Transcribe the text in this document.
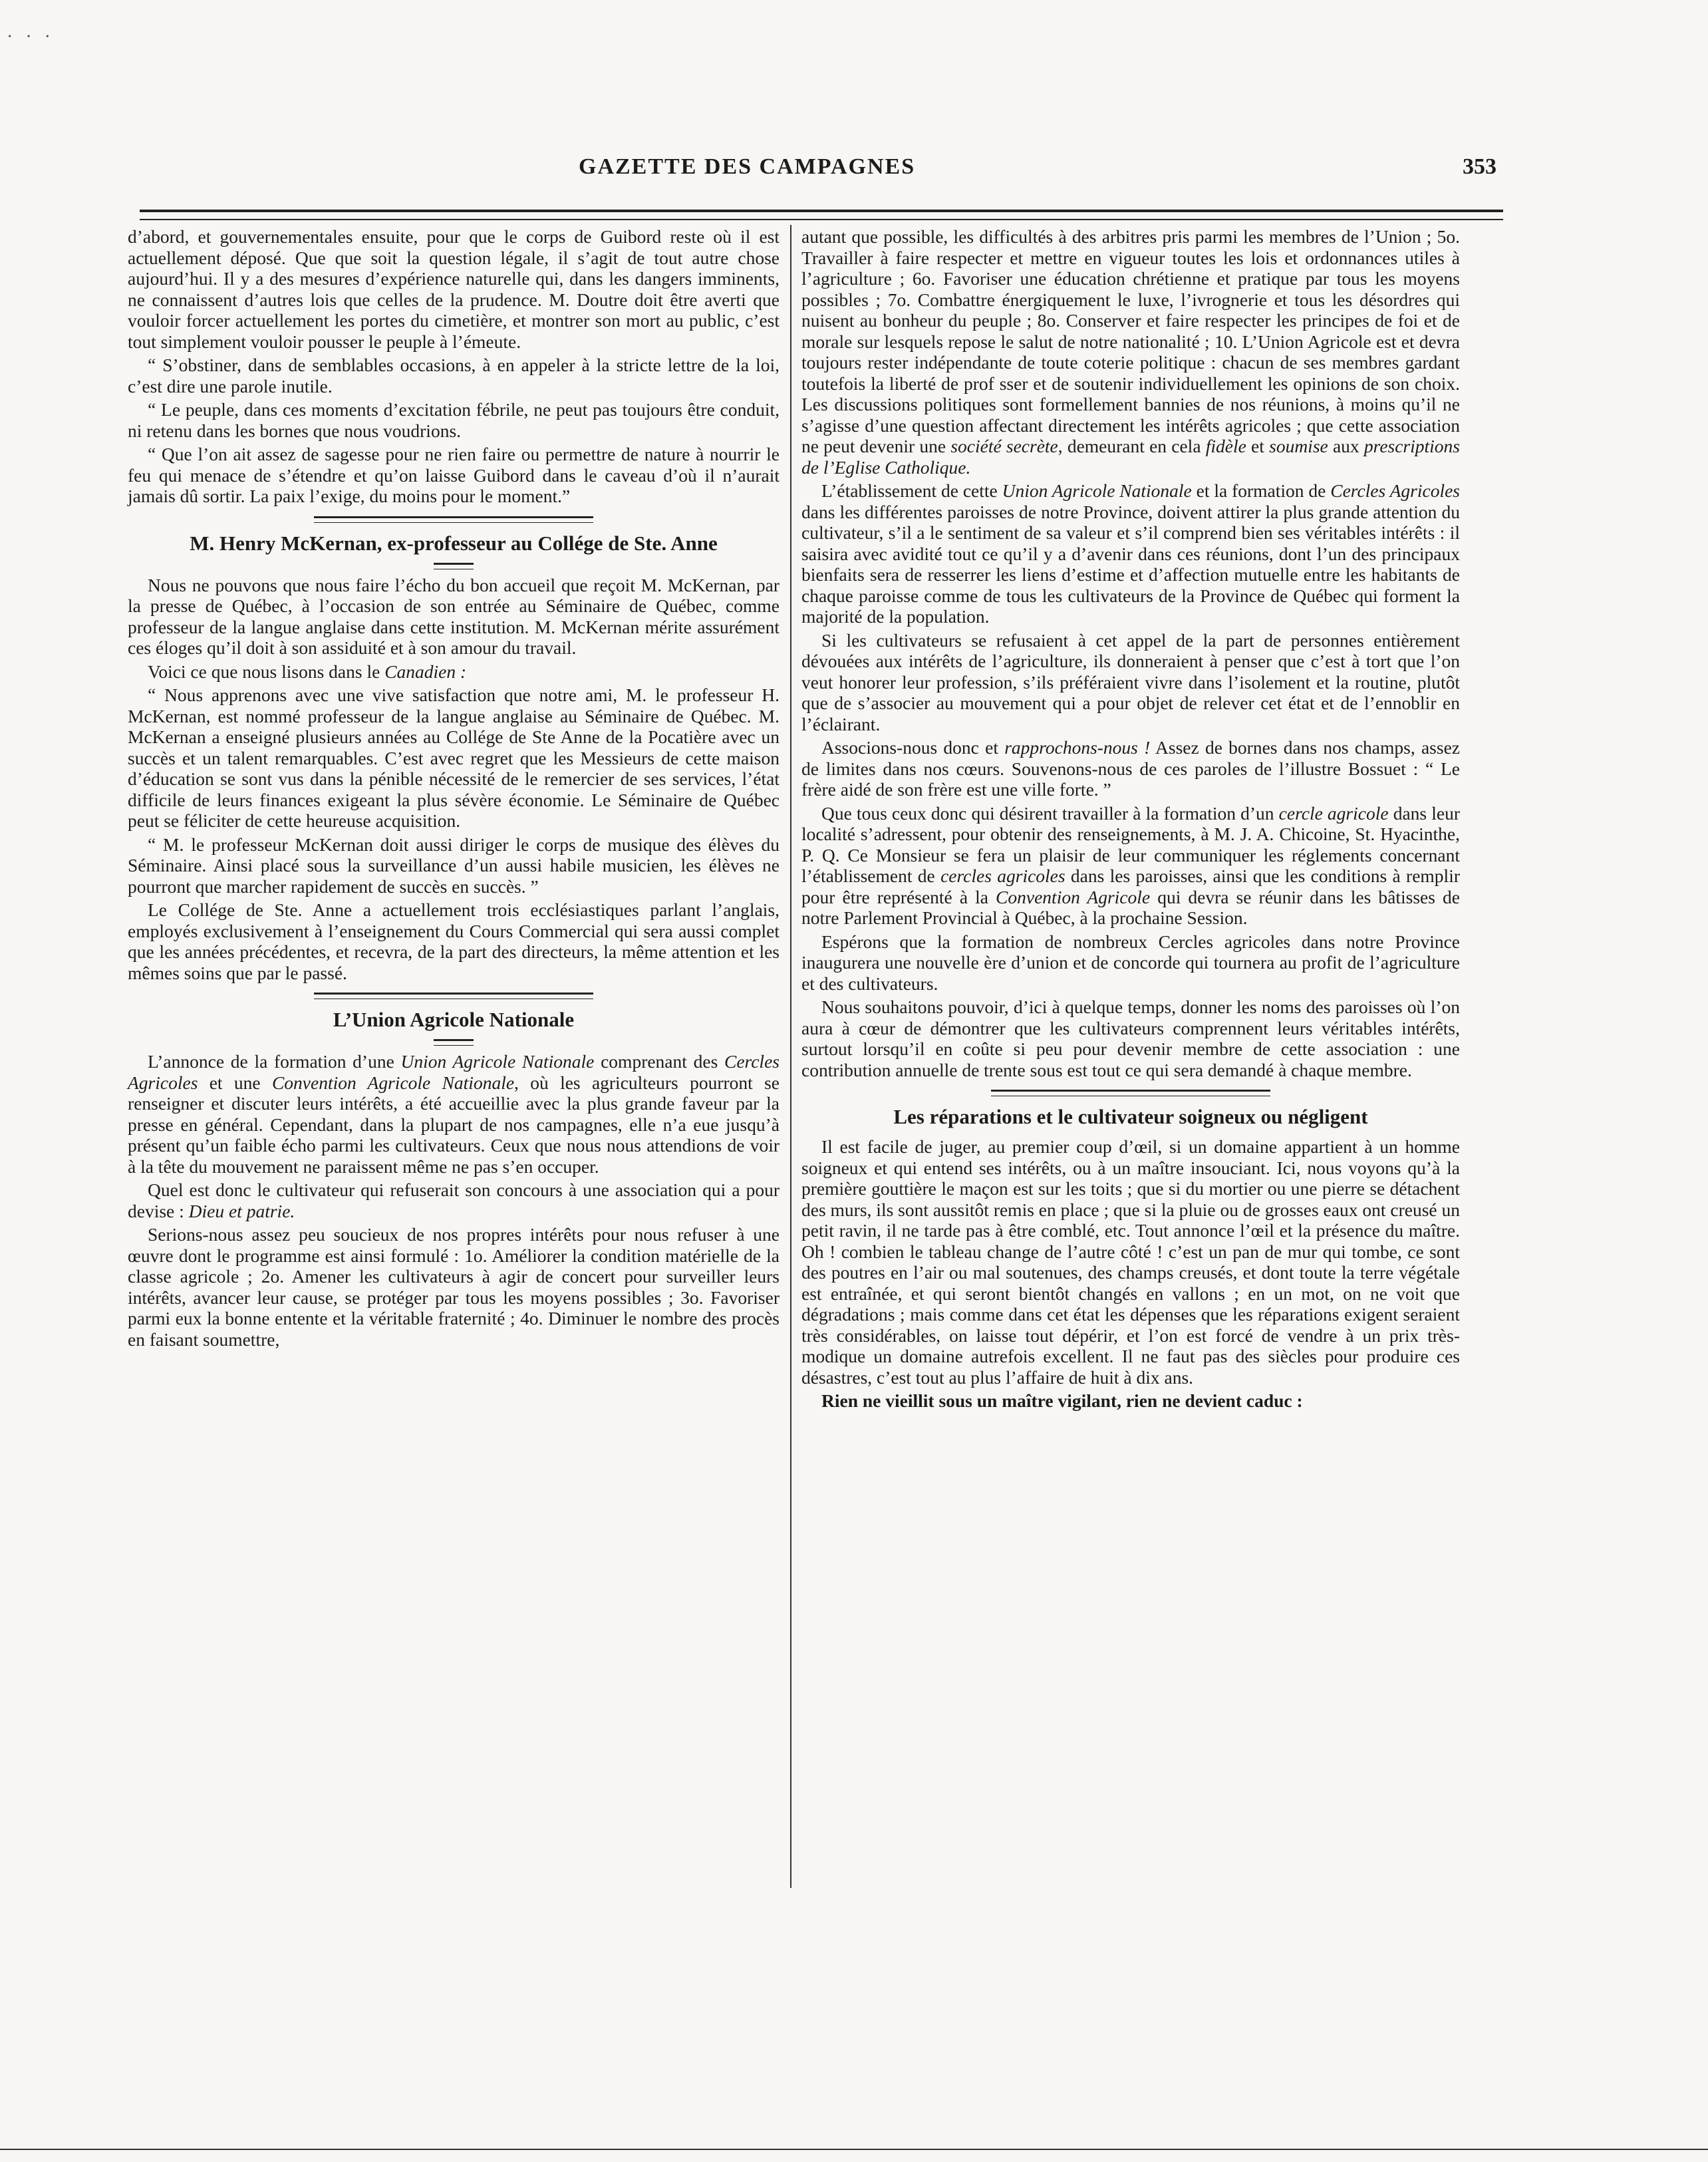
· · ·
GAZETTE DES CAMPAGNES	353

d’abord, et gouvernementales ensuite, pour que le corps de Guibord reste où il est actuellement déposé. Que que soit la question légale, il s’agit de tout autre chose aujourd’hui. Il y a des mesures d’expérience naturelle qui, dans les dangers imminents, ne connaissent d’autres lois que celles de la prudence. M. Doutre doit être averti que vouloir forcer actuellement les portes du cimetière, et montrer son mort au public, c’est tout simplement vouloir pousser le peuple à l’émeute.

“ S’obstiner, dans de semblables occasions, à en appeler à la stricte lettre de la loi, c’est dire une parole inutile.

“ Le peuple, dans ces moments d’excitation fébrile, ne peut pas toujours être conduit, ni retenu dans les bornes que nous voudrions.

“ Que l’on ait assez de sagesse pour ne rien faire ou permettre de nature à nourrir le feu qui menace de s’étendre et qu’on laisse Guibord dans le caveau d’où il n’aurait jamais dû sortir. La paix l’exige, du moins pour le moment.”

M. Henry McKernan, ex-professeur au Collége de Ste. Anne

Nous ne pouvons que nous faire l’écho du bon accueil que reçoit M. McKernan, par la presse de Québec, à l’occasion de son entrée au Séminaire de Québec, comme professeur de la langue anglaise dans cette institution. M. McKernan mérite assurément ces éloges qu’il doit à son assiduité et à son amour du travail.

Voici ce que nous lisons dans le Canadien :

“ Nous apprenons avec une vive satisfaction que notre ami, M. le professeur H. McKernan, est nommé professeur de la langue anglaise au Séminaire de Québec. M. McKernan a enseigné plusieurs années au Collége de Ste Anne de la Pocatière avec un succès et un talent remarquables. C’est avec regret que les Messieurs de cette maison d’éducation se sont vus dans la pénible nécessité de le remercier de ses services, l’état difficile de leurs finances exigeant la plus sévère économie. Le Séminaire de Québec peut se féliciter de cette heureuse acquisition.

“ M. le professeur McKernan doit aussi diriger le corps de musique des élèves du Séminaire. Ainsi placé sous la surveillance d’un aussi habile musicien, les élèves ne pourront que marcher rapidement de succès en succès. ”

Le Collége de Ste. Anne a actuellement trois ecclésiastiques parlant l’anglais, employés exclusivement à l’enseignement du Cours Commercial qui sera aussi complet que les années précédentes, et recevra, de la part des directeurs, la même attention et les mêmes soins que par le passé.

L’Union Agricole Nationale

L’annonce de la formation d’une Union Agricole Nationale comprenant des Cercles Agricoles et une Convention Agricole Nationale, où les agriculteurs pourront se renseigner et discuter leurs intérêts, a été accueillie avec la plus grande faveur par la presse en général. Cependant, dans la plupart de nos campagnes, elle n’a eue jusqu’à présent qu’un faible écho parmi les cultivateurs. Ceux que nous nous attendions de voir à la tête du mouvement ne paraissent même ne pas s’en occuper.

Quel est donc le cultivateur qui refuserait son concours à une association qui a pour devise : Dieu et patrie.

Serions-nous assez peu soucieux de nos propres intérêts pour nous refuser à une œuvre dont le programme est ainsi formulé : 1o. Améliorer la condition matérielle de la classe agricole ; 2o. Amener les cultivateurs à agir de concert pour surveiller leurs intérêts, avancer leur cause, se protéger par tous les moyens possibles ; 3o. Favoriser parmi eux la bonne entente et la véritable fraternité ; 4o. Diminuer le nombre des procès en faisant soumettre,

autant que possible, les difficultés à des arbitres pris parmi les membres de l’Union ; 5o. Travailler à faire respecter et mettre en vigueur toutes les lois et ordonnances utiles à l’agriculture ; 6o. Favoriser une éducation chrétienne et pratique par tous les moyens possibles ; 7o. Combattre énergiquement le luxe, l’ivrognerie et tous les désordres qui nuisent au bonheur du peuple ; 8o. Conserver et faire respecter les principes de foi et de morale sur lesquels repose le salut de notre nationalité ; 10. L’Union Agricole est et devra toujours rester indépendante de toute coterie politique : chacun de ses membres gardant toutefois la liberté de prof sser et de soutenir individuellement les opinions de son choix. Les discussions politiques sont formellement bannies de nos réunions, à moins qu’il ne s’agisse d’une question affectant directement les intérêts agricoles ; que cette association ne peut devenir une société secrète, demeurant en cela fidèle et soumise aux prescriptions de l’Eglise Catholique.

L’établissement de cette Union Agricole Nationale et la formation de Cercles Agricoles dans les différentes paroisses de notre Province, doivent attirer la plus grande attention du cultivateur, s’il a le sentiment de sa valeur et s’il comprend bien ses véritables intérêts : il saisira avec avidité tout ce qu’il y a d’avenir dans ces réunions, dont l’un des principaux bienfaits sera de resserrer les liens d’estime et d’affection mutuelle entre les habitants de chaque paroisse comme de tous les cultivateurs de la Province de Québec qui forment la majorité de la population.

Si les cultivateurs se refusaient à cet appel de la part de personnes entièrement dévouées aux intérêts de l’agriculture, ils donneraient à penser que c’est à tort que l’on veut honorer leur profession, s’ils préféraient vivre dans l’isolement et la routine, plutôt que de s’associer au mouvement qui a pour objet de relever cet état et de l’ennoblir en l’éclairant.

Associons-nous donc et rapprochons-nous ! Assez de bornes dans nos champs, assez de limites dans nos cœurs. Souvenons-nous de ces paroles de l’illustre Bossuet : “ Le frère aidé de son frère est une ville forte. ”

Que tous ceux donc qui désirent travailler à la formation d’un cercle agricole dans leur localité s’adressent, pour obtenir des renseignements, à M. J. A. Chicoine, St. Hyacinthe, P. Q. Ce Monsieur se fera un plaisir de leur communiquer les réglements concernant l’établissement de cercles agricoles dans les paroisses, ainsi que les conditions à remplir pour être représenté à la Convention Agricole qui devra se réunir dans les bâtisses de notre Parlement Provincial à Québec, à la prochaine Session.

Espérons que la formation de nombreux Cercles agricoles dans notre Province inaugurera une nouvelle ère d’union et de concorde qui tournera au profit de l’agriculture et des cultivateurs.

Nous souhaitons pouvoir, d’ici à quelque temps, donner les noms des paroisses où l’on aura à cœur de démontrer que les cultivateurs comprennent leurs véritables intérêts, surtout lorsqu’il en coûte si peu pour devenir membre de cette association : une contribution annuelle de trente sous est tout ce qui sera demandé à chaque membre.

Les réparations et le cultivateur soigneux ou négligent

Il est facile de juger, au premier coup d’œil, si un domaine appartient à un homme soigneux et qui entend ses intérêts, ou à un maître insouciant. Ici, nous voyons qu’à la première gouttière le maçon est sur les toits ; que si du mortier ou une pierre se détachent des murs, ils sont aussitôt remis en place ; que si la pluie ou de grosses eaux ont creusé un petit ravin, il ne tarde pas à être comblé, etc. Tout annonce l’œil et la présence du maître. Oh ! combien le tableau change de l’autre côté ! c’est un pan de mur qui tombe, ce sont des poutres en l’air ou mal soutenues, des champs creusés, et dont toute la terre végétale est entraînée, et qui seront bientôt changés en vallons ; en un mot, on ne voit que dégradations ; mais comme dans cet état les dépenses que les réparations exigent seraient très considérables, on laisse tout dépérir, et l’on est forcé de vendre à un prix très-modique un domaine autrefois excellent. Il ne faut pas des siècles pour produire ces désastres, c’est tout au plus l’affaire de huit à dix ans.

Rien ne vieillit sous un maître vigilant, rien ne devient caduc :
